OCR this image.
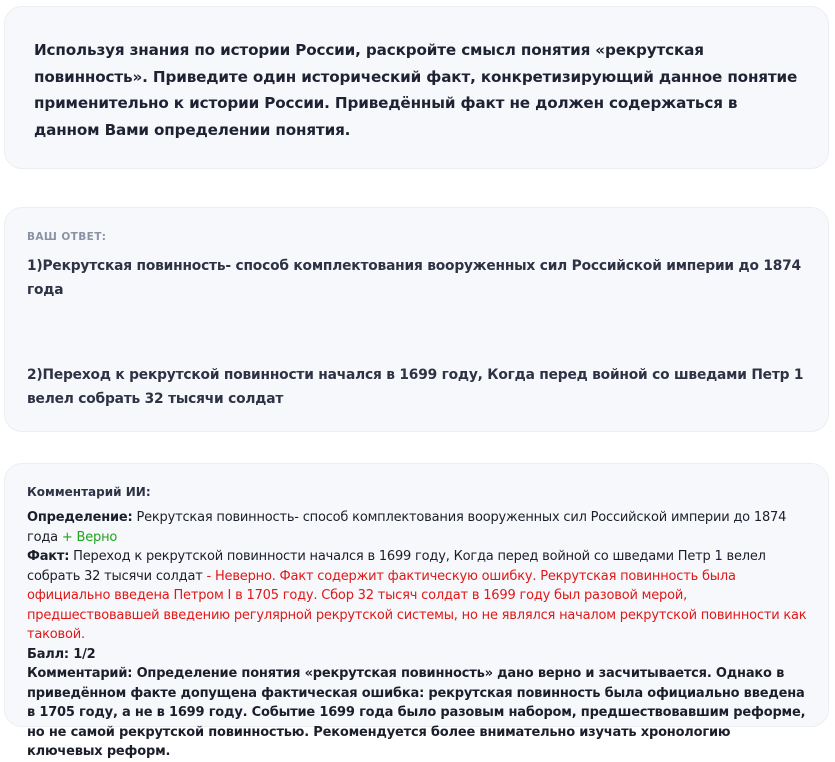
Используя знания по истории России, раскройте смысл понятия «рекрутская повинность». Приведите один исторический факт, конкретизирующий данное понятие применительно к истории России. Приведённый факт не должен содержаться в данном Вами определении понятия.
ВАШ ОТВЕТ:
1)Рекрутская повинность- способ комплектования вооруженных сил Российской империи до 1874 года
2)Переход к рекрутской повинности начался в 1699 году, Когда перед войной со шведами Петр 1 велел собрать 32 тысячи солдат
Комментарий ИИ:
Определение: Рекрутская повинность- способ комплектования вооруженных сил Российской империи до 1874 года + Верно
Факт: Переход к рекрутской повинности начался в 1699 году, Когда перед войной со шведами Петр 1 велел собрать 32 тысячи солдат - Неверно. Факт содержит фактическую ошибку. Рекрутская повинность была официально введена Петром I в 1705 году. Сбор 32 тысяч солдат в 1699 году был разовой мерой, предшествовавшей введению регулярной рекрутской системы, но не являлся началом рекрутской повинности как таковой.
Балл: 1/2
Комментарий: Определение понятия «рекрутская повинность» дано верно и засчитывается. Однако в приведённом факте допущена фактическая ошибка: рекрутская повинность была официально введена в 1705 году, а не в 1699 году. Событие 1699 года было разовым набором, предшествовавшим реформе, но не самой рекрутской повинностью. Рекомендуется более внимательно изучать хронологию ключевых реформ.
